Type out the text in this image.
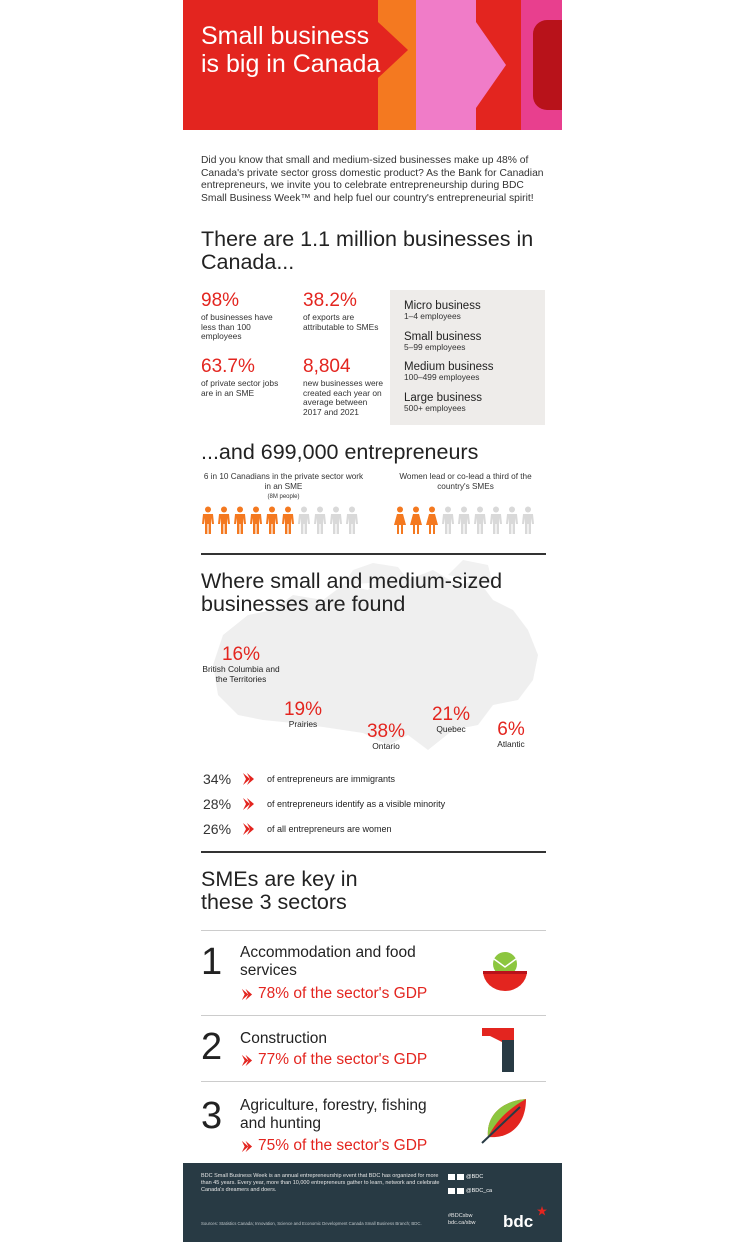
Small business is big in Canada
Did you know that small and medium-sized businesses make up 48% of Canada's private sector gross domestic product? As the Bank for Canadian entrepreneurs, we invite you to celebrate entrepreneurship during BDC Small Business Week™ and help fuel our country's entrepreneurial spirit!
There are 1.1 million businesses in Canada...
98%
of businesses have less than 100 employees
38.2%
of exports are attributable to SMEs
63.7%
of private sector jobs are in an SME
8,804
new businesses were created each year on average between 2017 and 2021
Micro business
1–4 employees
Small business
5–99 employees
Medium business
100–499 employees
Large business
500+ employees
...and 699,000 entrepreneurs
6 in 10 Canadians in the private sector work in an SME
(8M people)
Women lead or co-lead a third of the country's SMEs
Where small and medium-sized businesses are found
16%
British Columbia and the Territories
19%
Prairies	38%
Ontario
21%
Quebec	6%
Atlantic
34%	of entrepreneurs are immigrants
28%	of entrepreneurs identify as a visible minority
26%	of all entrepreneurs are women
SMEs are key in these 3 sectors
1 Accommodation and food services
78% of the sector's GDP
2 Construction
77% of the sector's GDP
3 Agriculture, forestry, fishing and hunting
75% of the sector's GDP
BDC Small Business Week is an annual entrepreneurship event that BDC has organized for more than 45 years. Every year, more than 10,000 entrepreneurs gather to learn, network and celebrate Canada's dreamers and doers.
Sources: Statistics Canada; Innovation, Science and Economic Development Canada Small Business Branch; BDC.
@BDC
@BDC_ca
#BDCsbw
bdc.ca/sbw bdc
